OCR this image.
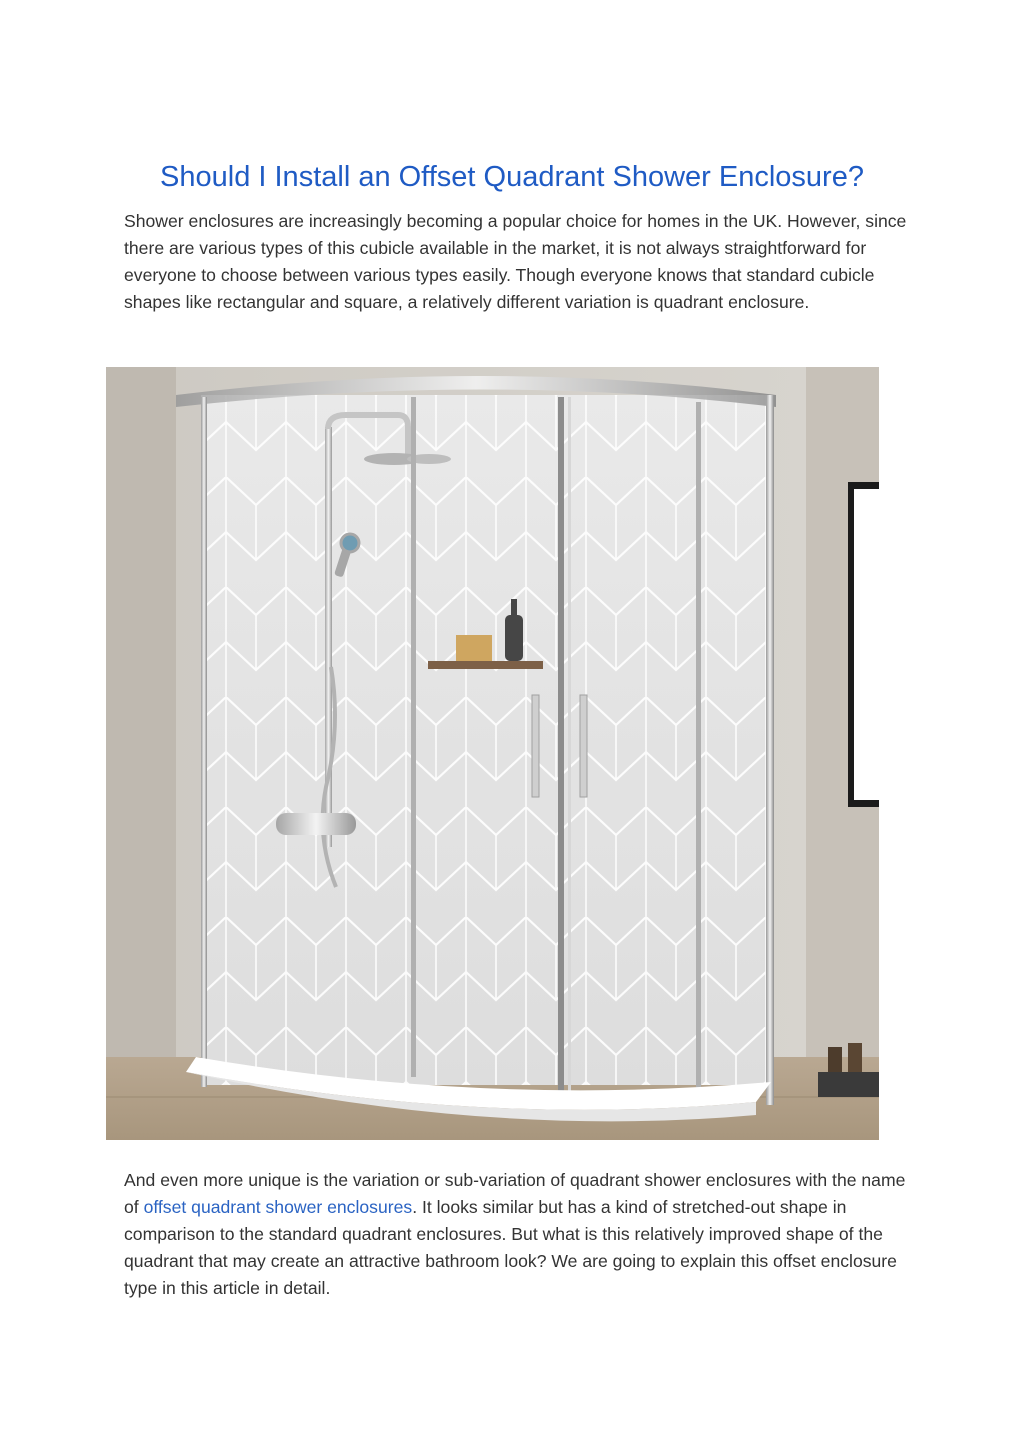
Should I Install an Offset Quadrant Shower Enclosure?

Shower enclosures are increasingly becoming a popular choice for homes in the UK. However, since there are various types of this cubicle available in the market, it is not always straightforward for everyone to choose between various types easily. Though everyone knows that standard cubicle shapes like rectangular and square, a relatively different variation is quadrant enclosure.

And even more unique is the variation or sub-variation of quadrant shower enclosures with the name of offset quadrant shower enclosures. It looks similar but has a kind of stretched-out shape in comparison to the standard quadrant enclosures. But what is this relatively improved shape of the quadrant that may create an attractive bathroom look? We are going to explain this offset enclosure type in this article in detail.
